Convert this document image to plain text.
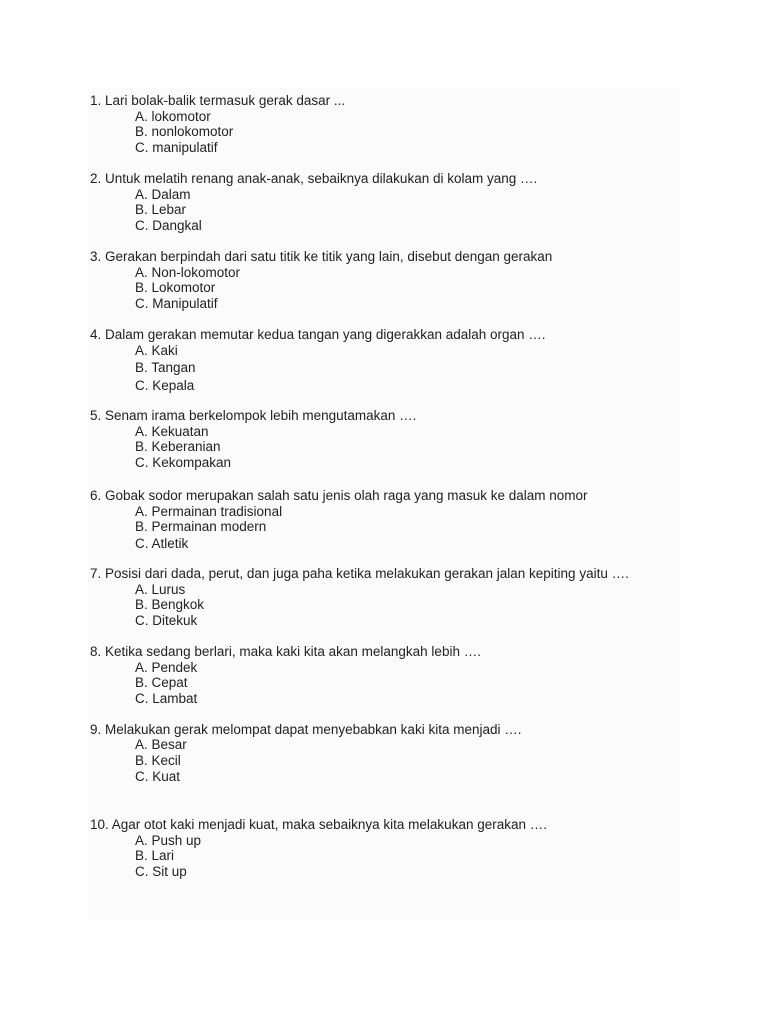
1. Lari bolak-balik termasuk gerak dasar ...
A. lokomotor
B. nonlokomotor
C. manipulatif
2. Untuk melatih renang anak-anak, sebaiknya dilakukan di kolam yang ….
A. Dalam
B. Lebar
C. Dangkal
3. Gerakan berpindah dari satu titik ke titik yang lain, disebut dengan gerakan
A. Non-lokomotor
B. Lokomotor
C. Manipulatif
4. Dalam gerakan memutar kedua tangan yang digerakkan adalah organ ….
A. Kaki
B. Tangan
C. Kepala
5. Senam irama berkelompok lebih mengutamakan ….
A. Kekuatan
B. Keberanian
C. Kekompakan
6. Gobak sodor merupakan salah satu jenis olah raga yang masuk ke dalam nomor
A. Permainan tradisional
B. Permainan modern
C. Atletik
7. Posisi dari dada, perut, dan juga paha ketika melakukan gerakan jalan kepiting yaitu ….
A. Lurus
B. Bengkok
C. Ditekuk
8. Ketika sedang berlari, maka kaki kita akan melangkah lebih ….
A. Pendek
B. Cepat
C. Lambat
9. Melakukan gerak melompat dapat menyebabkan kaki kita menjadi ….
A. Besar
B. Kecil
C. Kuat
10. Agar otot kaki menjadi kuat, maka sebaiknya kita melakukan gerakan ….
A. Push up
B. Lari
C. Sit up
